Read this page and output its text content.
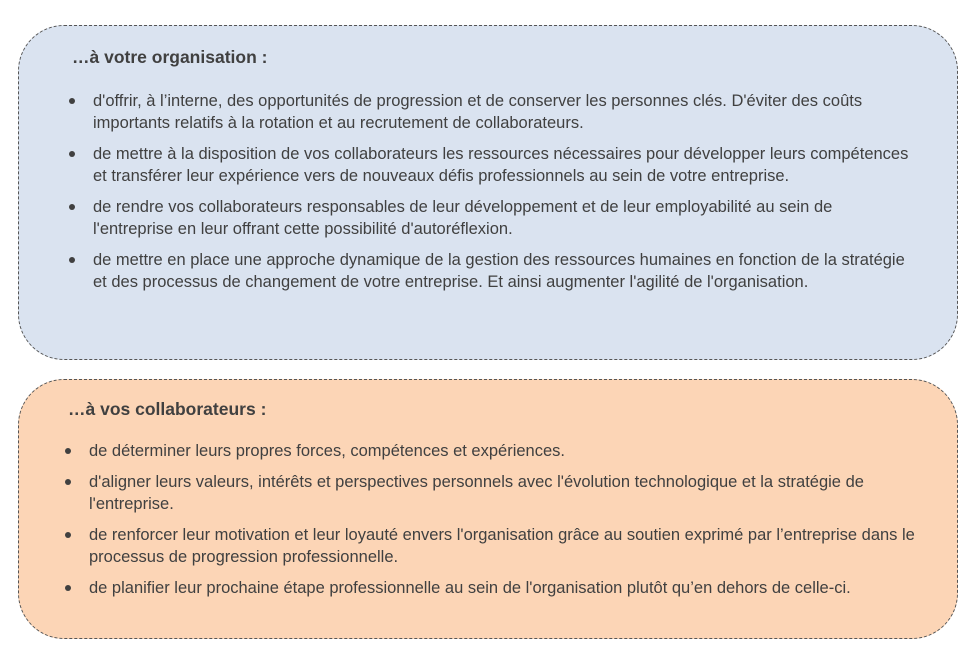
…à votre organisation :
d'offrir, à l’interne, des opportunités de progression et de conserver les personnes clés. D'éviter des coûts importants relatifs à la rotation et au recrutement de collaborateurs.
de mettre à la disposition de vos collaborateurs les ressources nécessaires pour développer leurs compétences et transférer leur expérience vers de nouveaux défis professionnels au sein de votre entreprise.
de rendre vos collaborateurs responsables de leur développement et de leur employabilité au sein de l'entreprise en leur offrant cette possibilité d'autoréflexion.
de mettre en place une approche dynamique de la gestion des ressources humaines en fonction de la stratégie et des processus de changement de votre entreprise. Et ainsi augmenter l'agilité de l'organisation.
…à vos collaborateurs :
de déterminer leurs propres forces, compétences et expériences.
d'aligner leurs valeurs, intérêts et perspectives personnels avec l'évolution technologique et la stratégie de l'entreprise.
de renforcer leur motivation et leur loyauté envers l'organisation grâce au soutien exprimé par l’entreprise dans le processus de progression professionnelle.
de planifier leur prochaine étape professionnelle au sein de l'organisation plutôt qu’en dehors de celle-ci.
